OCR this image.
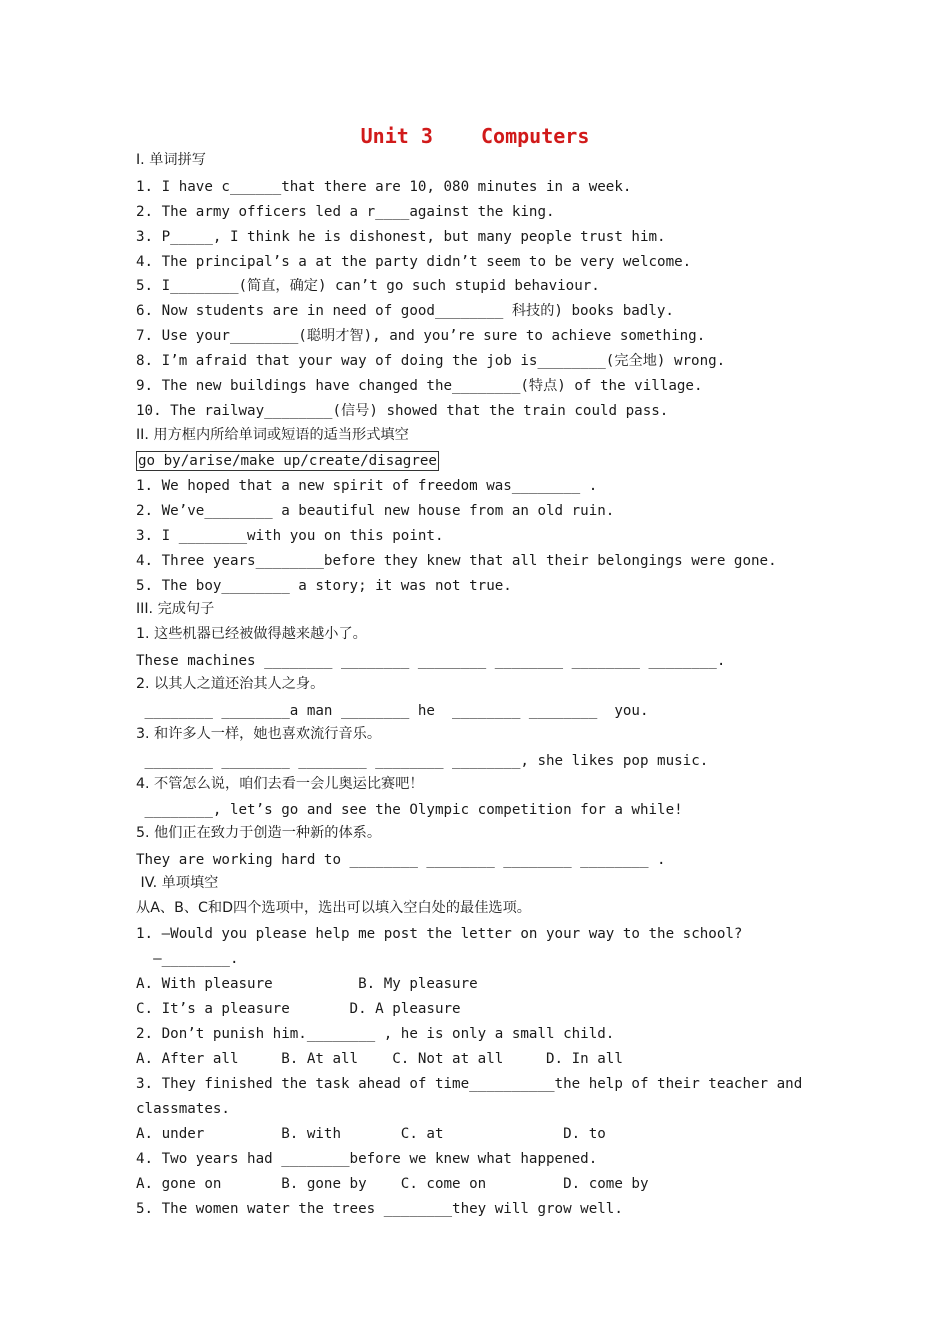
Unit 3    Computers
I. 单词拼写
1. I have c______that there are 10, 080 minutes in a week.
2. The army officers led a r____against the king.
3. P_____, I think he is dishonest, but many people trust him.
4. The principal’s a at the party didn’t seem to be very welcome.
5. I________(简直，确定) can’t go such stupid behaviour.
6. Now students are in need of good________ 科技的) books badly.
7. Use your________(聪明才智), and you’re sure to achieve something.
8. I’m afraid that your way of doing the job is________(完全地) wrong.
9. The new buildings have changed the________(特点) of the village.
10. The railway________(信号) showed that the train could pass.
II. 用方框内所给单词或短语的适当形式填空
go by/arise/make up/create/disagree
1. We hoped that a new spirit of freedom was________ .
2. We’ve________ a beautiful new house from an old ruin.
3. I ________with you on this point.
4. Three years________before they knew that all their belongings were gone.
5. The boy________ a story; it was not true.
III. 完成句子
1. 这些机器已经被做得越来越小了。
These machines ________ ________ ________ ________ ________ ________.
2. 以其人之道还治其人之身。
________ ________a man ________ he  ________ ________  you.
3. 和许多人一样，她也喜欢流行音乐。
________ ________ ________ ________ ________, she likes pop music.
4. 不管怎么说，咱们去看一会儿奥运比赛吧！
________, let’s go and see the Olympic competition for a while!
5. 他们正在致力于创造一种新的体系。
They are working hard to ________ ________ ________ ________ .
IV. 单项填空
从A、B、C和D四个选项中，选出可以填入空白处的最佳选项。
1. —Would you please help me post the letter on your way to the school?
—________.
A. With pleasure          B. My pleasure
C. It’s a pleasure       D. A pleasure
2. Don’t punish him.________ , he is only a small child.
A. After all     B. At all    C. Not at all     D. In all
3. They finished the task ahead of time__________the help of their teacher and
classmates.
A. under         B. with       C. at              D. to
4. Two years had ________before we knew what happened.
A. gone on       B. gone by    C. come on         D. come by
5. The women water the trees ________they will grow well.
